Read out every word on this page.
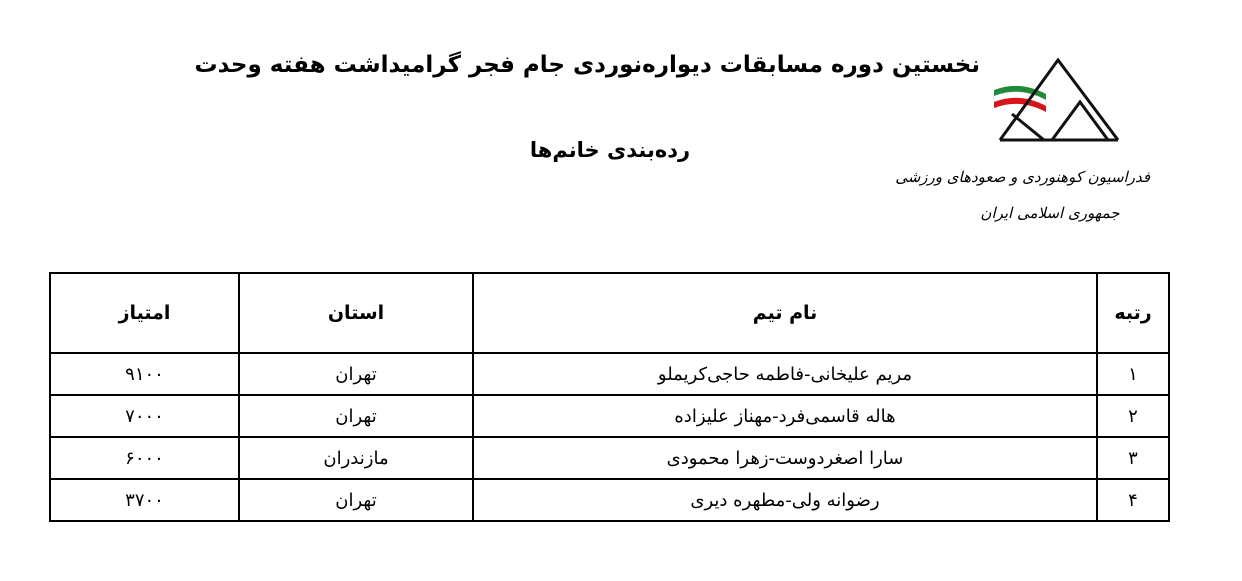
نخستین دوره مسابقات دیواره‌نوردی جام فجر گرامیداشت هفته وحدت
رده‌بندی خانم‌ها
فدراسیون کوهنوردی و صعودهای ورزشی
جمهوری اسلامی ایران
رتبه	نام تیم	استان	امتیاز
۱	مریم علیخانی-فاطمه حاجی‌کریملو	تهران	۹۱۰۰
۲	هاله قاسمی‌فرد-مهناز علیزاده	تهران	۷۰۰۰
۳	سارا اصغردوست-زهرا محمودی	مازندران	۶۰۰۰
۴	رضوانه ولی-مطهره دیری	تهران	۳۷۰۰
